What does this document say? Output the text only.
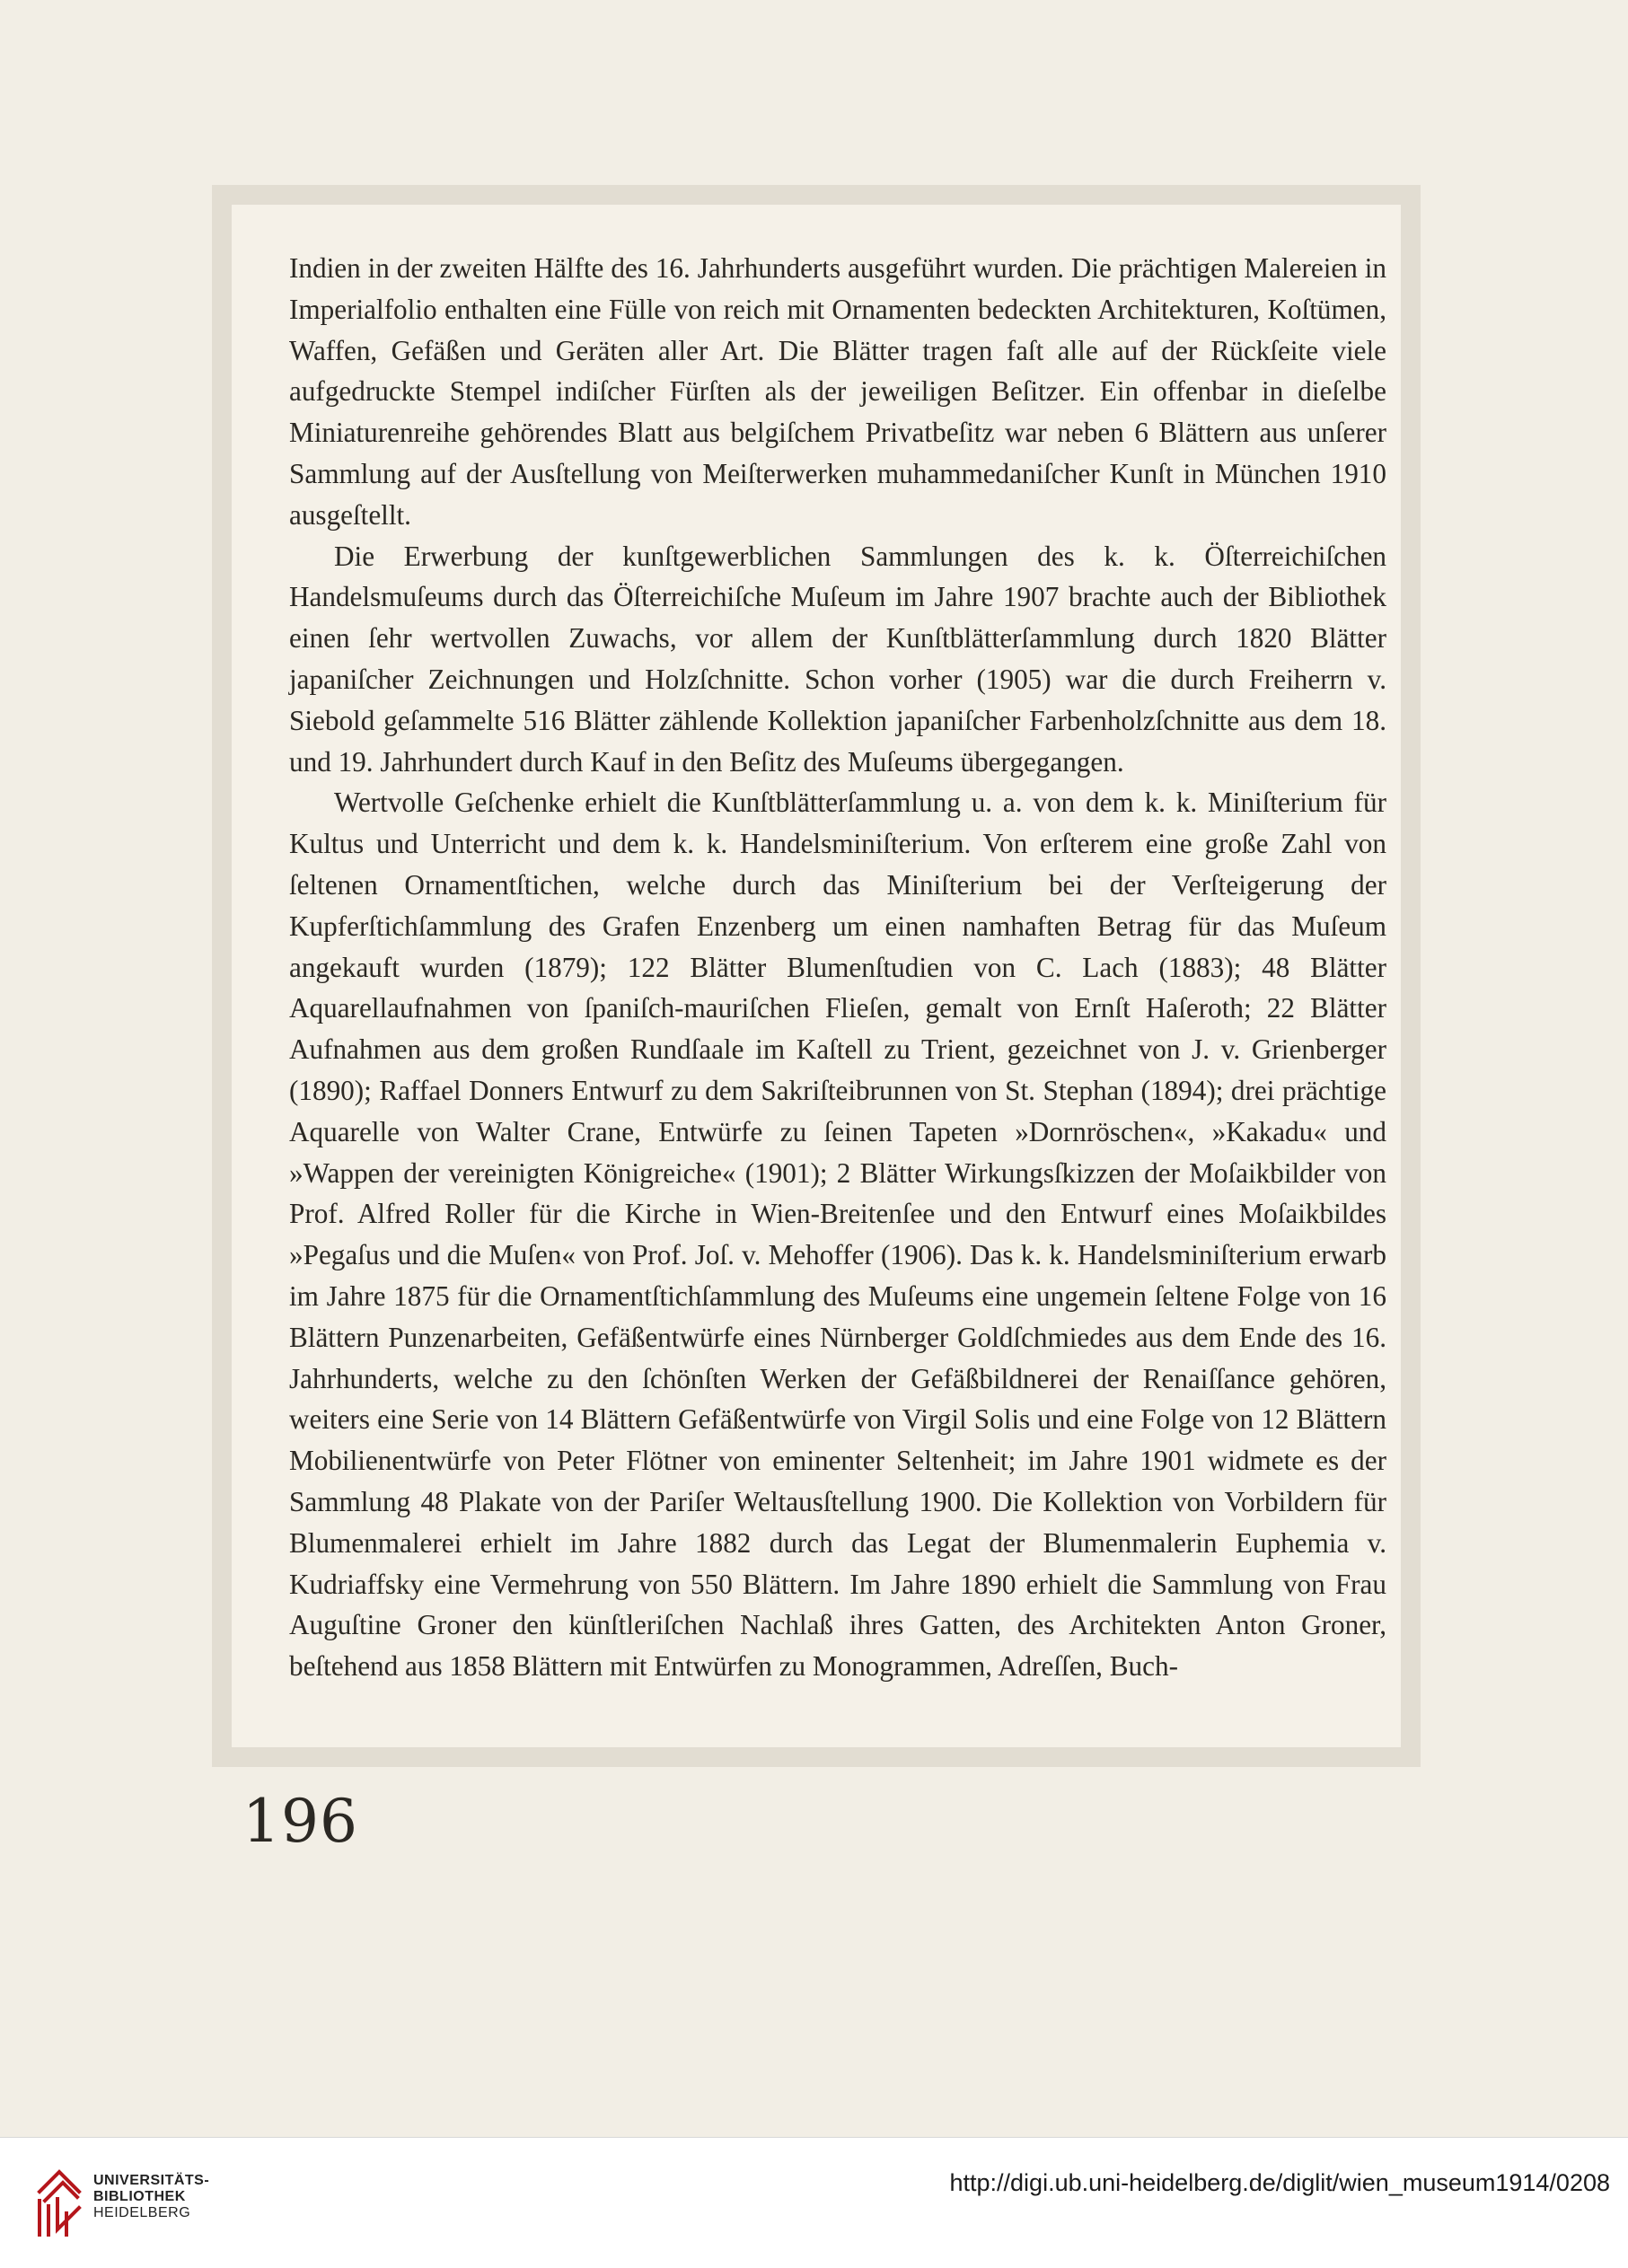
Indien in der zweiten Hälfte des 16. Jahrhunderts ausgeführt wurden. Die prächtigen Malereien in Imperialfolio enthalten eine Fülle von reich mit Ornamenten bedeckten Architekturen, Koſtümen, Waffen, Gefäßen und Geräten aller Art. Die Blätter tragen faſt alle auf der Rückſeite viele aufgedruckte Stempel indiſcher Fürſten als der jeweiligen Beſitzer. Ein offenbar in dieſelbe Miniaturenreihe gehörendes Blatt aus belgiſchem Privatbeſitz war neben 6 Blättern aus unſerer Sammlung auf der Ausſtellung von Meiſterwerken muhammedaniſcher Kunſt in München 1910 ausgeſtellt.

Die Erwerbung der kunſtgewerblichen Sammlungen des k. k. Öſterreichiſchen Handelsmuſeums durch das Öſterreichiſche Muſeum im Jahre 1907 brachte auch der Bibliothek einen ſehr wertvollen Zuwachs, vor allem der Kunſtblätterſammlung durch 1820 Blätter japaniſcher Zeichnungen und Holzſchnitte. Schon vorher (1905) war die durch Freiherrn v. Siebold geſammelte 516 Blätter zählende Kollektion japaniſcher Farbenholzſchnitte aus dem 18. und 19. Jahrhundert durch Kauf in den Beſitz des Muſeums übergegangen.

Wertvolle Geſchenke erhielt die Kunſtblätterſammlung u. a. von dem k. k. Miniſterium für Kultus und Unterricht und dem k. k. Handelsminiſterium. Von erſterem eine große Zahl von ſeltenen Ornamentſtichen, welche durch das Miniſterium bei der Verſteigerung der Kupferſtichſammlung des Grafen Enzenberg um einen namhaften Betrag für das Muſeum angekauft wurden (1879); 122 Blätter Blumenſtudien von C. Lach (1883); 48 Blätter Aquarellaufnahmen von ſpaniſch-mauriſchen Flieſen, gemalt von Ernſt Haſeroth; 22 Blätter Aufnahmen aus dem großen Rundſaale im Kaſtell zu Trient, gezeichnet von J. v. Grienberger (1890); Raffael Donners Entwurf zu dem Sakriſteibrunnen von St. Stephan (1894); drei prächtige Aquarelle von Walter Crane, Entwürfe zu ſeinen Tapeten »Dornröschen«, »Kakadu« und »Wappen der vereinigten Königreiche« (1901); 2 Blätter Wirkungsſkizzen der Moſaikbilder von Prof. Alfred Roller für die Kirche in Wien-Breitenſee und den Entwurf eines Moſaikbildes »Pegaſus und die Muſen« von Prof. Joſ. v. Mehoffer (1906). Das k. k. Handelsminiſterium erwarb im Jahre 1875 für die Ornamentſtichſammlung des Muſeums eine ungemein ſeltene Folge von 16 Blättern Punzenarbeiten, Gefäßentwürfe eines Nürnberger Goldſchmiedes aus dem Ende des 16. Jahrhunderts, welche zu den ſchönſten Werken der Gefäßbildnerei der Renaiſſance gehören, weiters eine Serie von 14 Blättern Gefäßentwürfe von Virgil Solis und eine Folge von 12 Blättern Mobilienentwürfe von Peter Flötner von eminenter Seltenheit; im Jahre 1901 widmete es der Sammlung 48 Plakate von der Pariſer Weltausſtellung 1900. Die Kollektion von Vorbildern für Blumenmalerei erhielt im Jahre 1882 durch das Legat der Blumenmalerin Euphemia v. Kudriaffsky eine Vermehrung von 550 Blättern. Im Jahre 1890 erhielt die Sammlung von Frau Auguſtine Groner den künſtleriſchen Nachlaß ihres Gatten, des Architekten Anton Groner, beſtehend aus 1858 Blättern mit Entwürfen zu Monogrammen, Adreſſen, Buch-

196
UNIVERSITÄTS-
BIBLIOTHEK
HEIDELBERG
http://digi.ub.uni-heidelberg.de/diglit/wien_museum1914/0208
